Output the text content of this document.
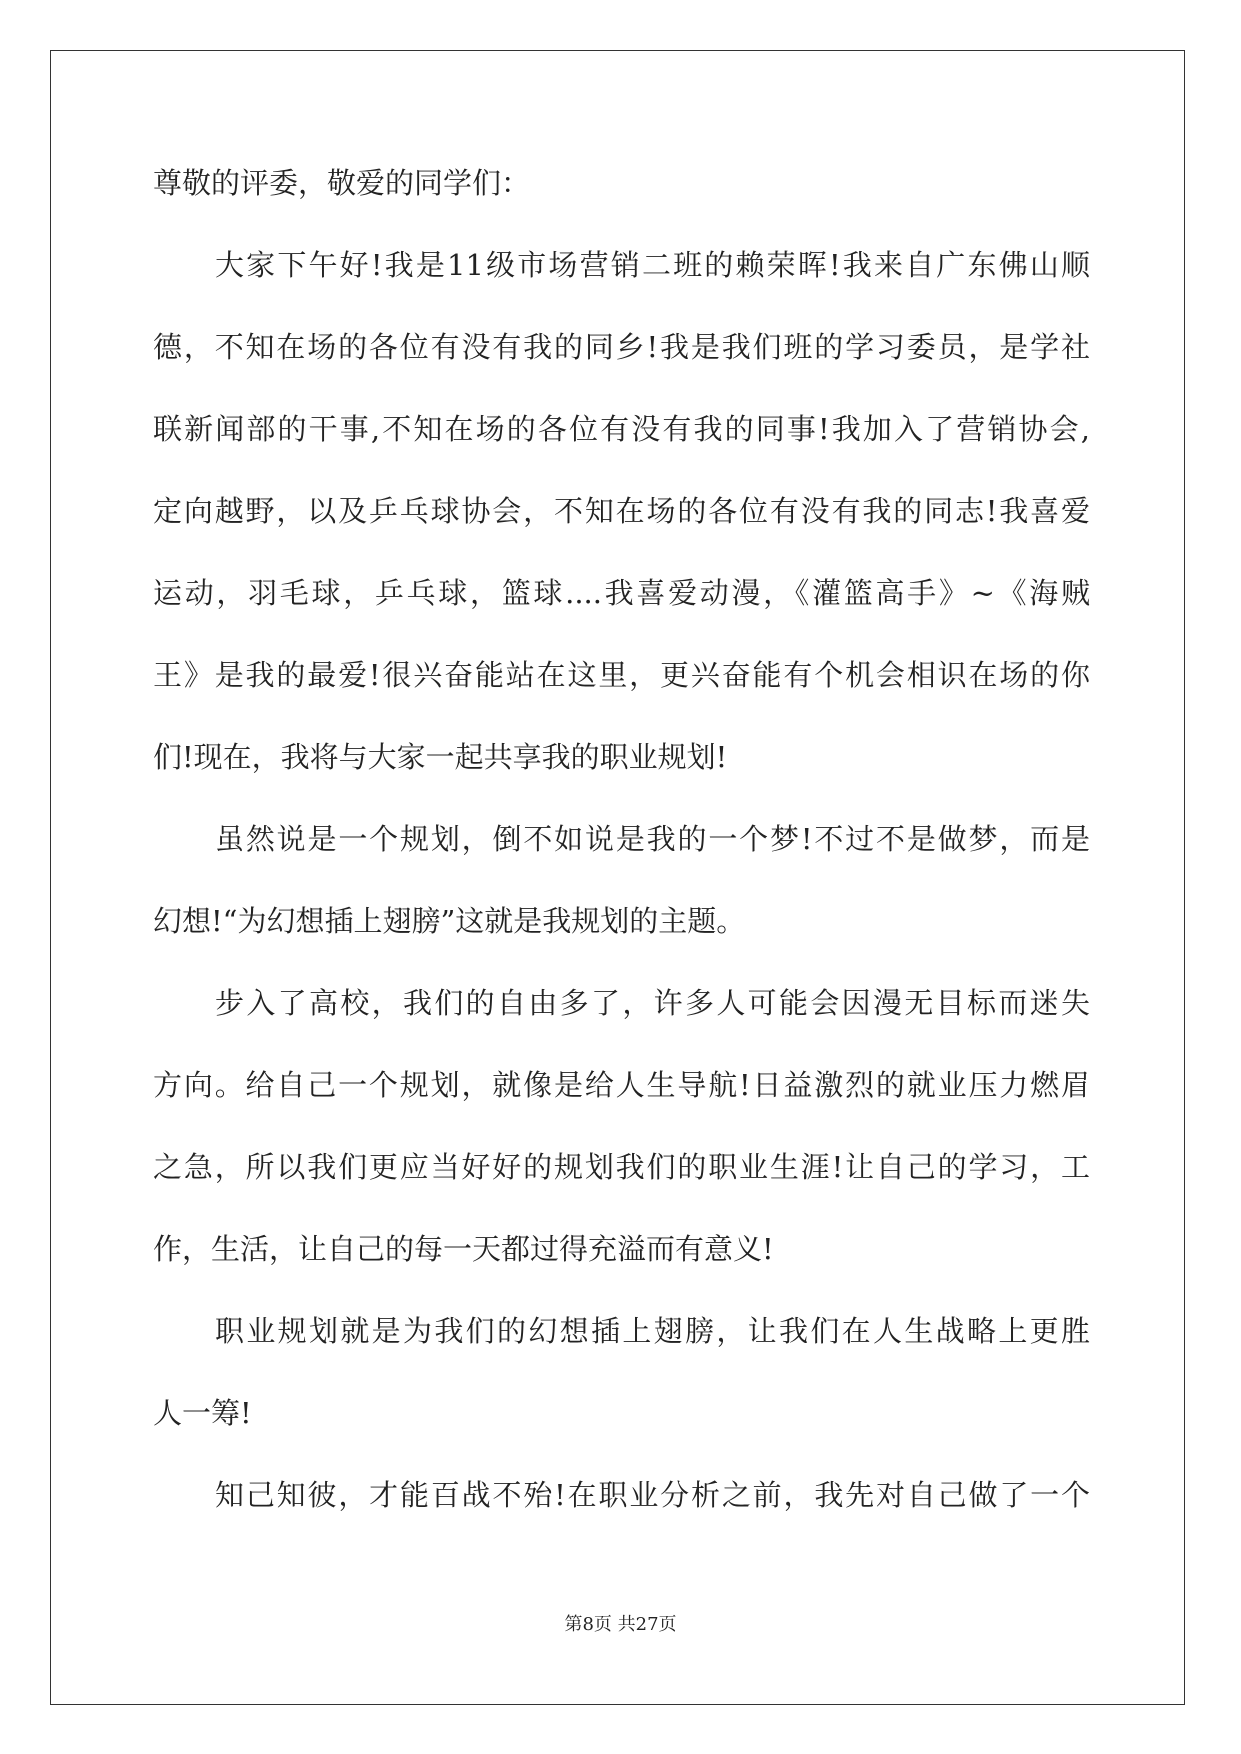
尊敬的评委，敬爱的同学们：
大家下午好!我是11级市场营销二班的赖荣晖!我来自广东佛山顺
德，不知在场的各位有没有我的同乡!我是我们班的学习委员，是学社
联新闻部的干事,不知在场的各位有没有我的同事!我加入了营销协会,
定向越野，以及乒乓球协会，不知在场的各位有没有我的同志!我喜爱
运动，羽毛球，乒乓球，篮球....我喜爱动漫，《灌篮高手》~《海贼
王》是我的最爱!很兴奋能站在这里，更兴奋能有个机会相识在场的你
们!现在，我将与大家一起共享我的职业规划!
虽然说是一个规划，倒不如说是我的一个梦!不过不是做梦，而是
幻想!“为幻想插上翅膀”这就是我规划的主题。
步入了高校，我们的自由多了，许多人可能会因漫无目标而迷失
方向。给自己一个规划，就像是给人生导航!日益激烈的就业压力燃眉
之急，所以我们更应当好好的规划我们的职业生涯!让自己的学习，工
作，生活，让自己的每一天都过得充溢而有意义!
职业规划就是为我们的幻想插上翅膀，让我们在人生战略上更胜
人一筹!
知己知彼，才能百战不殆!在职业分析之前，我先对自己做了一个
第8页 共27页
